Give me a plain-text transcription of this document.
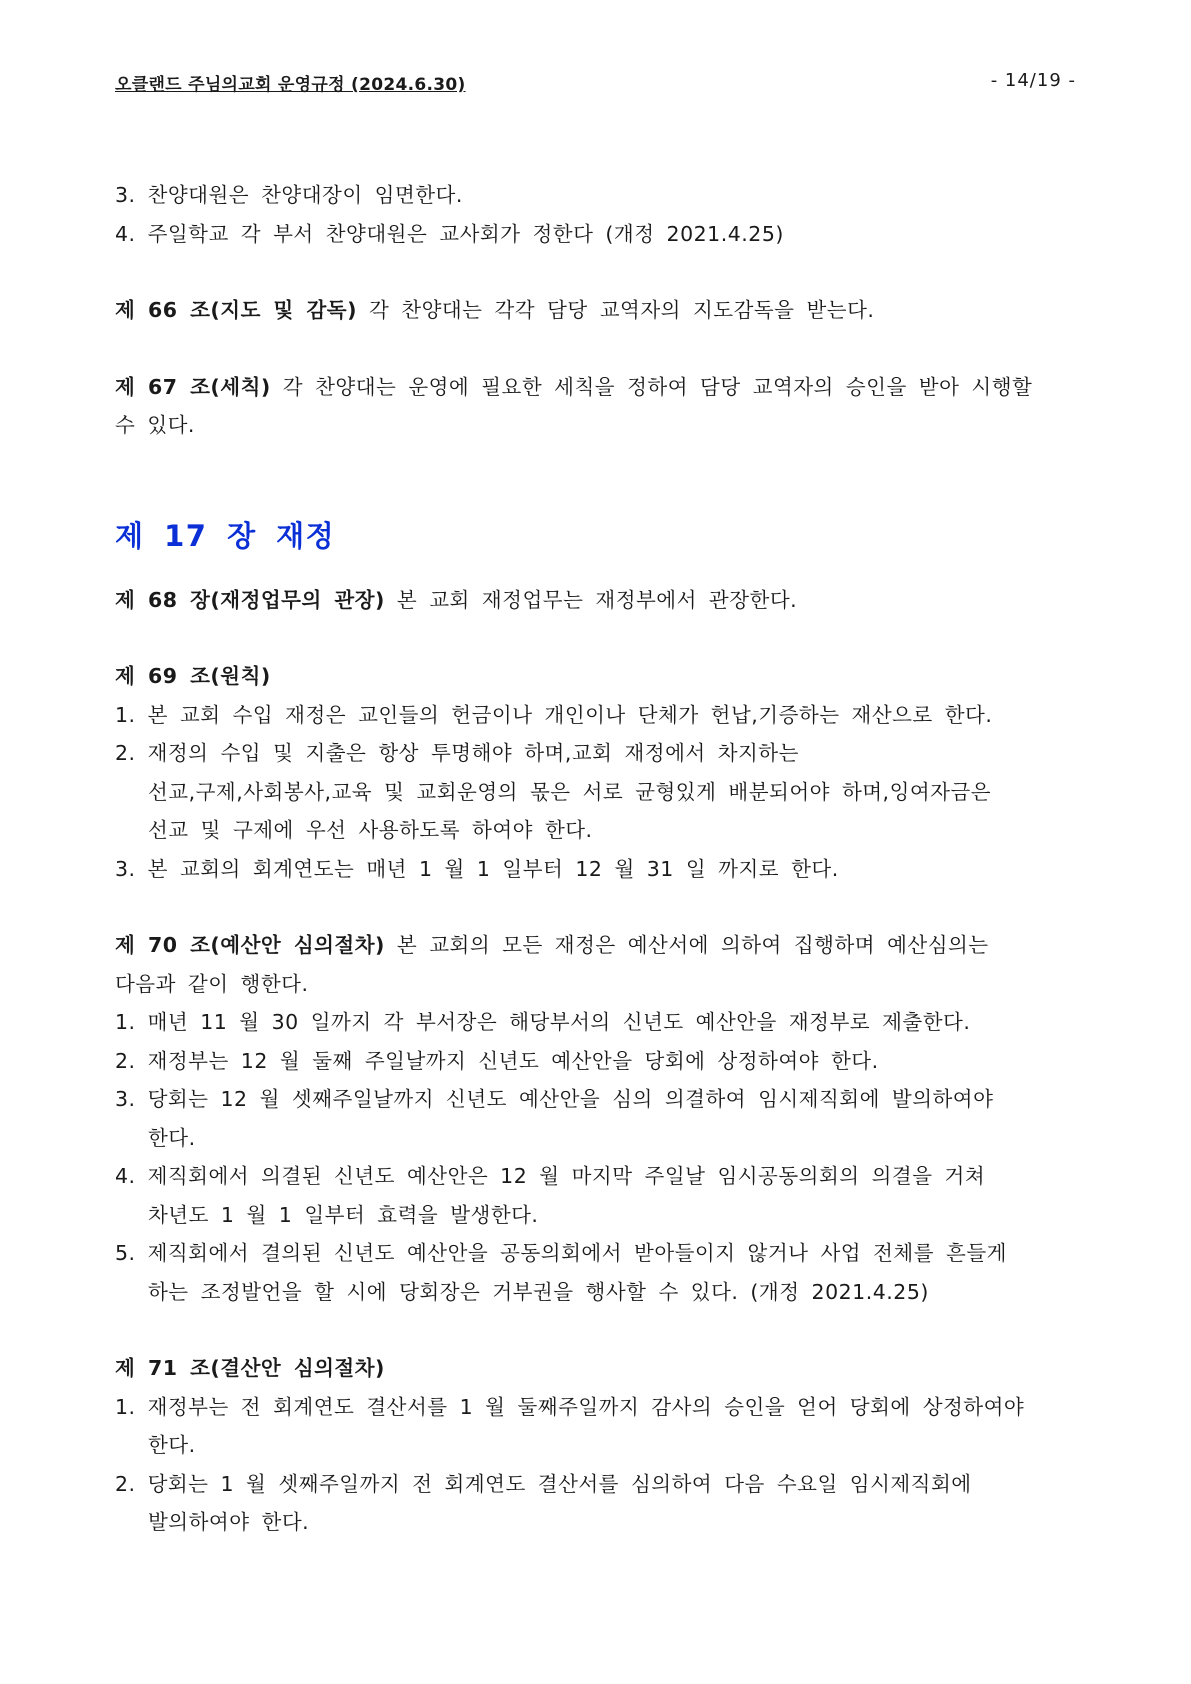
오클랜드 주님의교회 운영규정 (2024.6.30)	- 14/19 -

3. 찬양대원은 찬양대장이 임면한다.

4. 주일학교 각 부서 찬양대원은 교사회가 정한다 (개정 2021.4.25)

제 66 조(지도 및 감독) 각 찬양대는 각각 담당 교역자의 지도감독을 받는다.

제 67 조(세칙) 각 찬양대는 운영에 필요한 세칙을 정하여 담당 교역자의 승인을 받아 시행할

수 있다.

제 17 장 재정

제 68 장(재정업무의 관장) 본 교회 재정업무는 재정부에서 관장한다.

제 69 조(원칙)

1. 본 교회 수입 재정은 교인들의 헌금이나 개인이나 단체가 헌납,기증하는 재산으로 한다.

2. 재정의 수입 및 지출은 항상 투명해야 하며,교회 재정에서 차지하는

선교,구제,사회봉사,교육 및 교회운영의 몫은 서로 균형있게 배분되어야 하며,잉여자금은

선교 및 구제에 우선 사용하도록 하여야 한다.

3. 본 교회의 회계연도는 매년 1 월 1 일부터 12 월 31 일 까지로 한다.

제 70 조(예산안 심의절차) 본 교회의 모든 재정은 예산서에 의하여 집행하며 예산심의는

다음과 같이 행한다.

1. 매년 11 월 30 일까지 각 부서장은 해당부서의 신년도 예산안을 재정부로 제출한다.

2. 재정부는 12 월 둘째 주일날까지 신년도 예산안을 당회에 상정하여야 한다.

3. 당회는 12 월 셋째주일날까지 신년도 예산안을 심의 의결하여 임시제직회에 발의하여야

한다.

4. 제직회에서 의결된 신년도 예산안은 12 월 마지막 주일날 임시공동의회의 의결을 거쳐

차년도 1 월 1 일부터 효력을 발생한다.

5. 제직회에서 결의된 신년도 예산안을 공동의회에서 받아들이지 않거나 사업 전체를 흔들게

하는 조정발언을 할 시에 당회장은 거부권을 행사할 수 있다. (개정 2021.4.25)

제 71 조(결산안 심의절차)

1. 재정부는 전 회계연도 결산서를 1 월 둘째주일까지 감사의 승인을 얻어 당회에 상정하여야

한다.

2. 당회는 1 월 셋째주일까지 전 회계연도 결산서를 심의하여 다음 수요일 임시제직회에

발의하여야 한다.
